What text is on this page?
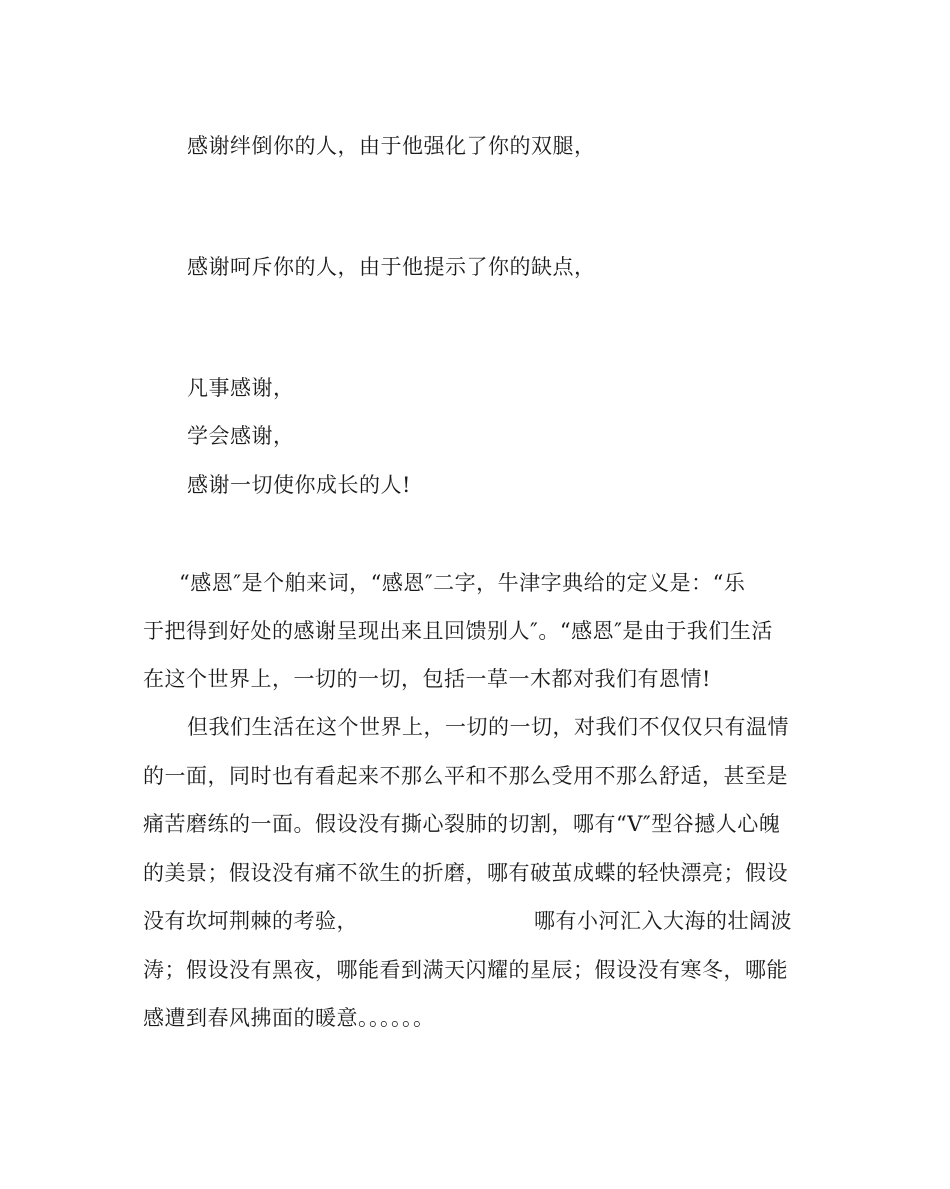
感谢绊倒你的人，由于他强化了你的双腿，
感谢呵斥你的人，由于他提示了你的缺点，
凡事感谢，
学会感谢，
感谢一切使你成长的人!
“感恩″是个舶来词，“感恩″二字，牛津字典给的定义是：“乐
于把得到好处的感谢呈现出来且回馈别人″。“感恩″是由于我们生活
在这个世界上，一切的一切，包括一草一木都对我们有恩情!
但我们生活在这个世界上，一切的一切，对我们不仅仅只有温情
的一面，同时也有看起来不那么平和不那么受用不那么舒适，甚至是
痛苦磨练的一面。假设没有撕心裂肺的切割，哪有“V″型谷撼人心魄
的美景；假设没有痛不欲生的折磨，哪有破茧成蝶的轻快漂亮；假设
没有坎坷荆棘的考验，	哪有小河汇入大海的壮阔波
涛；假设没有黑夜，哪能看到满天闪耀的星辰；假设没有寒冬，哪能
感遭到春风拂面的暖意。。。。。。
